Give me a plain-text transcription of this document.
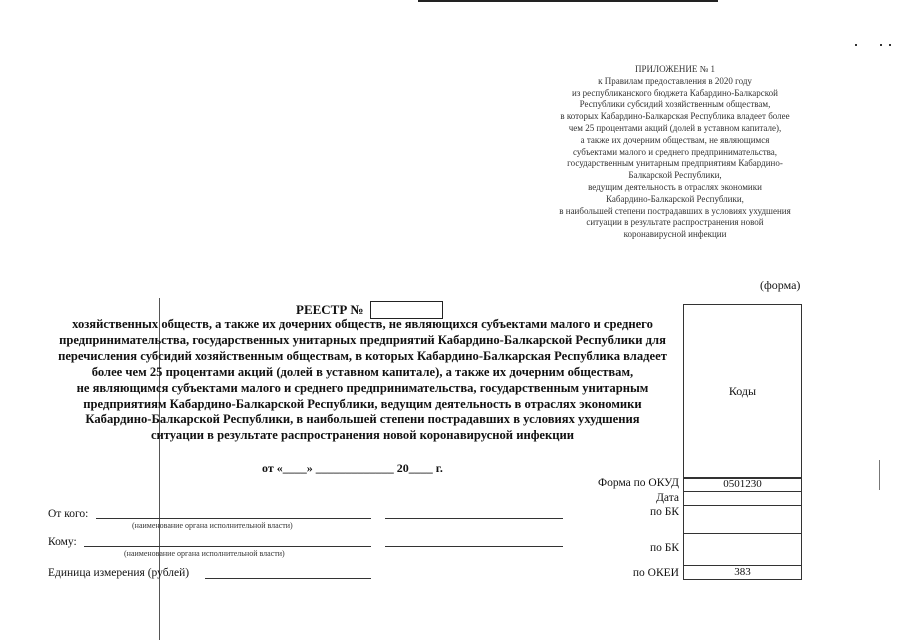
ПРИЛОЖЕНИЕ № 1
к Правилам предоставления в 2020 году
из республиканского бюджета Кабардино-Балкарской
Республики субсидий хозяйственным обществам,
в которых Кабардино-Балкарская Республика владеет более
чем 25 процентами акций (долей в уставном капитале),
а также их дочерним обществам, не являющимся
субъектами малого и среднего предпринимательства,
государственным унитарным предприятиям Кабардино-
Балкарской Республики,
ведущим деятельность в отраслях экономики
Кабардино-Балкарской Республики,
в наибольшей степени пострадавших в условиях ухудшения
ситуации в результате распространения новой
коронавирусной инфекции
(форма)
РЕЕСТР №
хозяйственных обществ, а также их дочерних обществ, не являющихся субъектами малого и среднего
предпринимательства, государственных унитарных предприятий Кабардино-Балкарской Республики для
перечисления субсидий хозяйственным обществам, в которых Кабардино-Балкарская Республика владеет
более чем 25 процентами акций (долей в уставном капитале), а также их дочерним обществам,
не являющимся субъектами малого и среднего предпринимательства, государственным унитарным
предприятиям Кабардино-Балкарской Республики, ведущим деятельность в отраслях экономики
Кабардино-Балкарской Республики, в наибольшей степени пострадавших в условиях ухудшения
ситуации в результате распространения новой коронавирусной инфекции
от «____» _____________ 20____ г.
Коды
Форма по ОКУД	0501230
Дата
по БК
по БК
по ОКЕИ	383
От кого:
(наименование органа исполнительной власти)
Кому:
(наименование органа исполнительной власти)
Единица измерения (рублей)
